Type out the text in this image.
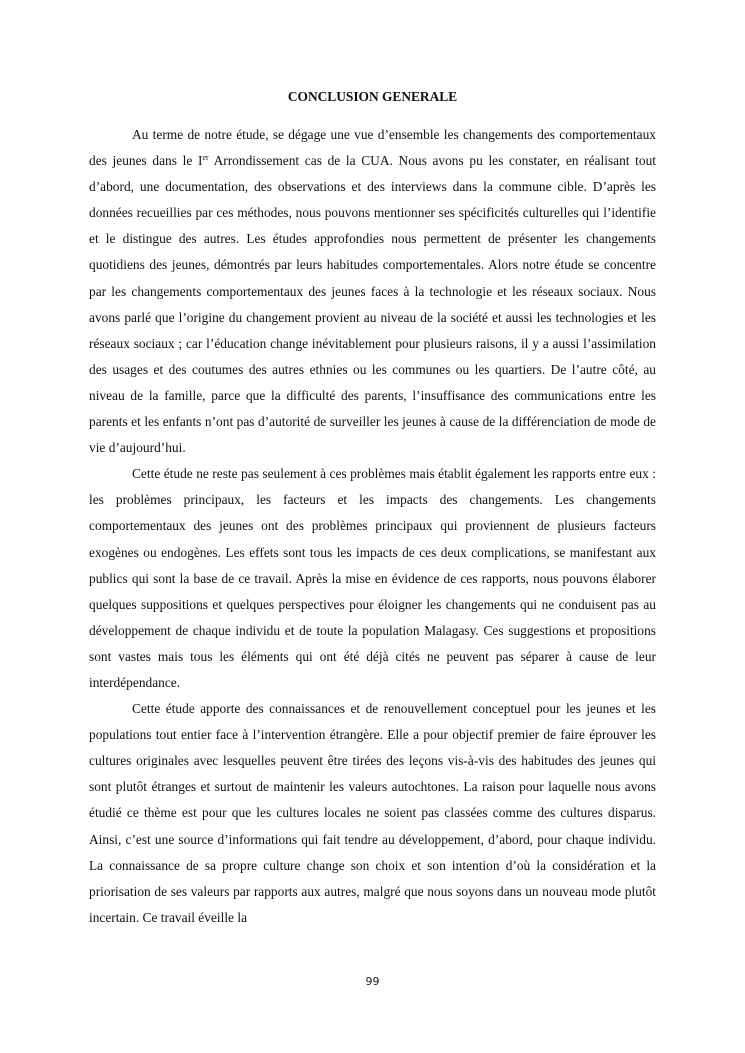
CONCLUSION GENERALE

Au terme de notre étude, se dégage une vue d’ensemble les changements des comportementaux des jeunes dans le Ier Arrondissement cas de la CUA. Nous avons pu les constater, en réalisant tout d’abord, une documentation, des observations et des interviews dans la commune cible. D’après les données recueillies par ces méthodes, nous pouvons mentionner ses spécificités culturelles qui l’identifie et le distingue des autres. Les études approfondies nous permettent de présenter les changements quotidiens des jeunes, démontrés par leurs habitudes comportementales. Alors notre étude se concentre par les changements comportementaux des jeunes faces à la technologie et les réseaux sociaux. Nous avons parlé que l’origine du changement provient au niveau de la société et aussi les technologies et les réseaux sociaux ; car l’éducation change inévitablement pour plusieurs raisons, il y a aussi l’assimilation des usages et des coutumes des autres ethnies ou les communes ou les quartiers. De l’autre côté, au niveau de la famille, parce que la difficulté des parents, l’insuffisance des communications entre les parents et les enfants n’ont pas d’autorité de surveiller les jeunes à cause de la différenciation de mode de vie d’aujourd’hui.

Cette étude ne reste pas seulement à ces problèmes mais établit également les rapports entre eux : les problèmes principaux, les facteurs et les impacts des changements. Les changements comportementaux des jeunes ont des problèmes principaux qui proviennent de plusieurs facteurs exogènes ou endogènes. Les effets sont tous les impacts de ces deux complications, se manifestant aux publics qui sont la base de ce travail. Après la mise en évidence de ces rapports, nous pouvons élaborer quelques suppositions et quelques perspectives pour éloigner les changements qui ne conduisent pas au développement de chaque individu et de toute la population Malagasy. Ces suggestions et propositions sont vastes mais tous les éléments qui ont été déjà cités ne peuvent pas séparer à cause de leur interdépendance.

Cette étude apporte des connaissances et de renouvellement conceptuel pour les jeunes et les populations tout entier face à l’intervention étrangère. Elle a pour objectif premier de faire éprouver les cultures originales avec lesquelles peuvent être tirées des leçons vis-à-vis des habitudes des jeunes qui sont plutôt étranges et surtout de maintenir les valeurs autochtones. La raison pour laquelle nous avons étudié ce thème est pour que les cultures locales ne soient pas classées comme des cultures disparus. Ainsi, c’est une source d’informations qui fait tendre au développement, d’abord, pour chaque individu. La connaissance de sa propre culture change son choix et son intention d’où la considération et la priorisation de ses valeurs par rapports aux autres, malgré que nous soyons dans un nouveau mode plutôt incertain. Ce travail éveille la

99
